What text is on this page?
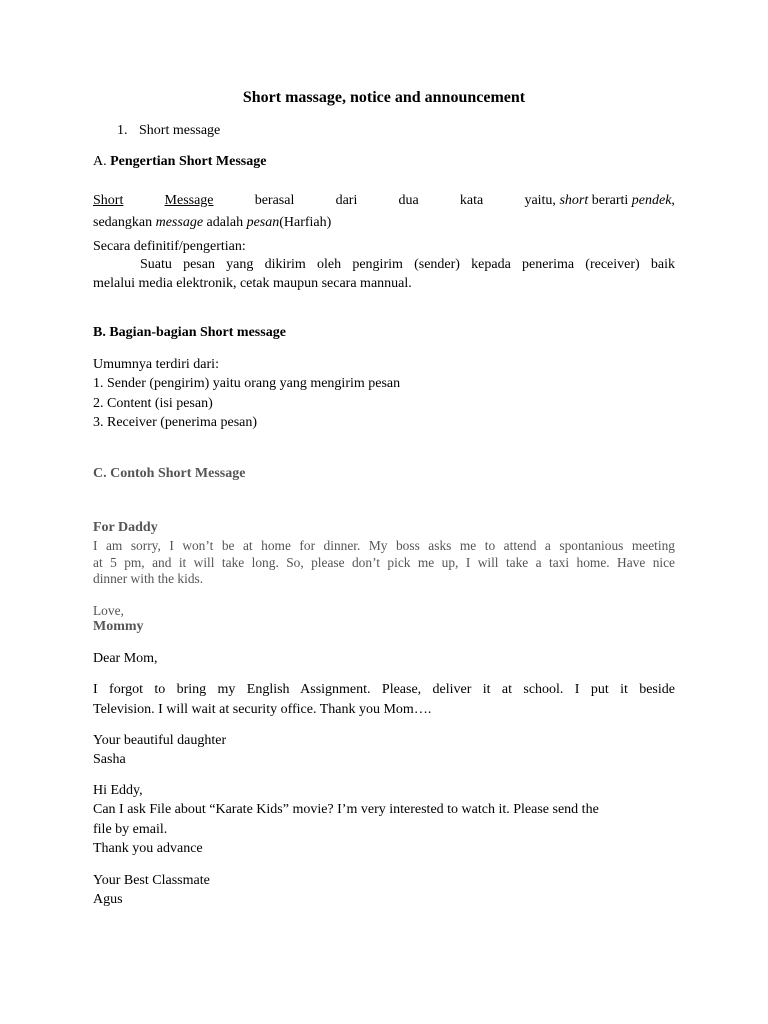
Short massage, notice and announcement
1. Short message
A. Pengertian Short Message
Short	Message	berasal	dari	dua	kata	yaitu, short berarti pendek,
sedangkan message adalah pesan(Harfiah)
Secara definitif/pengertian:
Suatu pesan yang dikirim oleh pengirim (sender) kepada penerima (receiver) baik
melalui media elektronik, cetak maupun secara mannual.
B. Bagian-bagian Short message
Umumnya terdiri dari:
1. Sender (pengirim) yaitu orang yang mengirim pesan
2. Content (isi pesan)
3. Receiver (penerima pesan)
C. Contoh Short Message
For Daddy
I am sorry, I won’t be at home for dinner. My boss asks me to attend a spontanious meeting
at 5 pm, and it will take long. So, please don’t pick me up, I will take a taxi home. Have nice
dinner with the kids.
Love,
Mommy
Dear Mom,
I forgot to bring my English Assignment. Please, deliver it at school. I put it beside
Television. I will wait at security office. Thank you Mom….
Your beautiful daughter
Sasha
Hi Eddy,
Can I ask File about “Karate Kids” movie? I’m very interested to watch it. Please send the
file by email.
Thank you advance
Your Best Classmate
Agus
